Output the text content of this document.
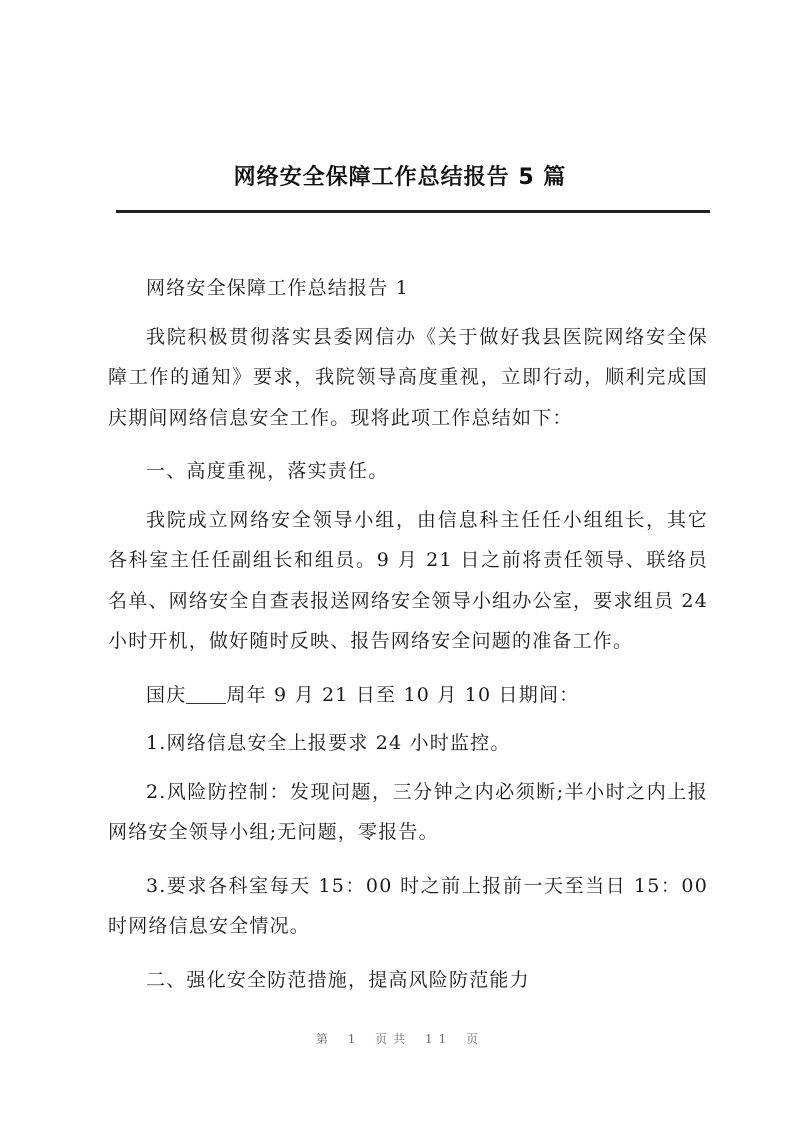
网络安全保障工作总结报告 5 篇

网络安全保障工作总结报告 1

我院积极贯彻落实县委网信办《关于做好我县医院网络安全保障工作的通知》要求，我院领导高度重视，立即行动，顺利完成国庆期间网络信息安全工作。现将此项工作总结如下：

一、高度重视，落实责任。

我院成立网络安全领导小组，由信息科主任任小组组长，其它各科室主任任副组长和组员。9 月 21 日之前将责任领导、联络员名单、网络安全自查表报送网络安全领导小组办公室，要求组员 24 小时开机，做好随时反映、报告网络安全问题的准备工作。

国庆 周年 9 月 21 日至 10 月 10 日期间：

1.网络信息安全上报要求 24 小时监控。

2.风险防控制：发现问题，三分钟之内必须断;半小时之内上报网络安全领导小组;无问题，零报告。

3.要求各科室每天 15：00 时之前上报前一天至当日 15：00 时网络信息安全情况。

二、强化安全防范措施，提高风险防范能力

第 1 页共 11 页
